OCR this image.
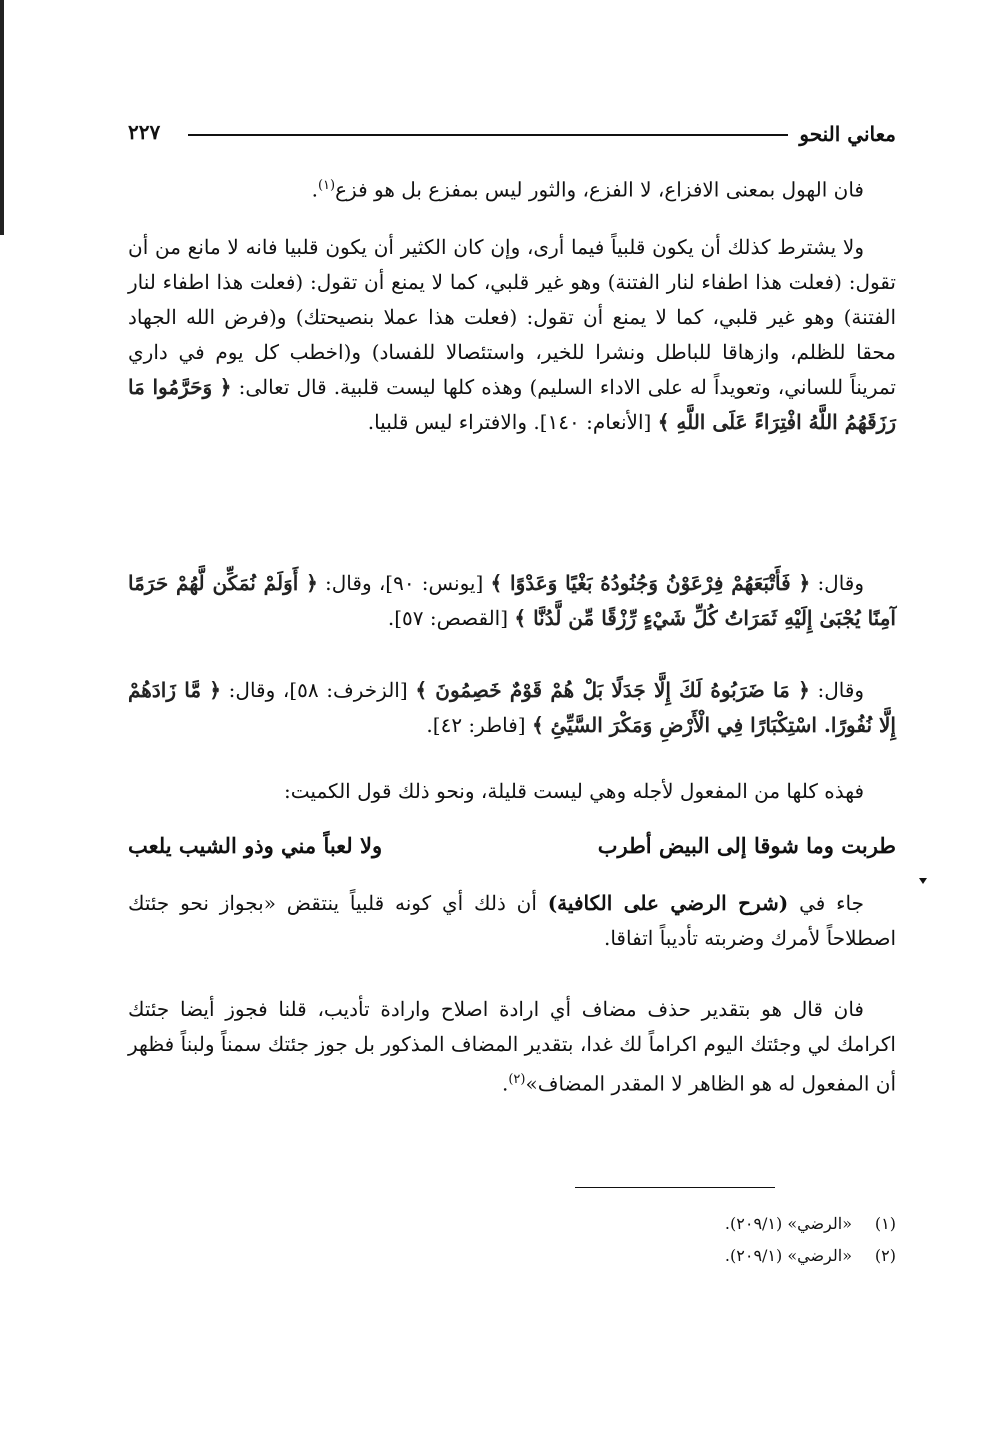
معاني النحو
٢٢٧

فان الهول بمعنى الافزاع، لا الفزع، والثور ليس بمفزع بل هو فزع$^{(١)}$.

ولا يشترط كذلك أن يكون قلبياً فيما أرى، وإن كان الكثير أن يكون قلبيا فانه لا مانع من أن تقول: (فعلت هذا اطفاء لنار الفتنة) وهو غير قلبي، كما لا يمنع أن تقول: (فعلت هذا اطفاء لنار الفتنة) وهو غير قلبي، كما لا يمنع أن تقول: (فعلت هذا عملا بنصيحتك) و(فرض الله الجهاد محقا للظلم، وازهاقا للباطل ونشرا للخير، واستئصالا للفساد) و(اخطب كل يوم في داري تمريناً للساني، وتعويداً له على الاداء السليم) وهذه كلها ليست قلبية. قال تعالى: ﴿ وَحَرَّمُوا مَا رَزَقَهُمُ اللَّهُ افْتِرَاءً عَلَى اللَّهِ ﴾ [الأنعام: ١٤٠]. والافتراء ليس قلبيا.

وقال: ﴿ فَأَتْبَعَهُمْ فِرْعَوْنُ وَجُنُودُهُ بَغْيًا وَعَدْوًا ﴾ [يونس: ٩٠]، وقال: ﴿ أَوَلَمْ نُمَكِّن لَّهُمْ حَرَمًا آمِنًا يُجْبَىٰ إِلَيْهِ ثَمَرَاتُ كُلِّ شَيْءٍ رِّزْقًا مِّن لَّدُنَّا ﴾ [القصص: ٥٧].

وقال: ﴿ مَا ضَرَبُوهُ لَكَ إِلَّا جَدَلًا بَلْ هُمْ قَوْمٌ خَصِمُونَ ﴾ [الزخرف: ٥٨]، وقال: ﴿ مَّا زَادَهُمْ إِلَّا نُفُورًا. اسْتِكْبَارًا فِي الْأَرْضِ وَمَكْرَ السَّيِّئِ ﴾ [فاطر: ٤٢].

فهذه كلها من المفعول لأجله وهي ليست قليلة، ونحو ذلك قول الكميت:

طربت وما شوقا إلى البيض أطرب
ولا لعباً مني وذو الشيب يلعب

جاء في (شرح الرضي على الكافية) أن ذلك أي كونه قلبياً ينتقض «بجواز نحو جئتك اصطلاحاً لأمرك وضربته تأديباً اتفاقا.

فان قال هو بتقدير حذف مضاف أي ارادة اصلاح وارادة تأديب، قلنا فجوز أيضا جئتك اكرامك لي وجئتك اليوم اكراماً لك غدا، بتقدير المضاف المذكور بل جوز جئتك سمناً ولبناً فظهر أن المفعول له هو الظاهر لا المقدر المضاف»$^{(٢)}$.

(١)«الرضي» (٢٠٩/١).
(٢)«الرضي» (٢٠٩/١).
